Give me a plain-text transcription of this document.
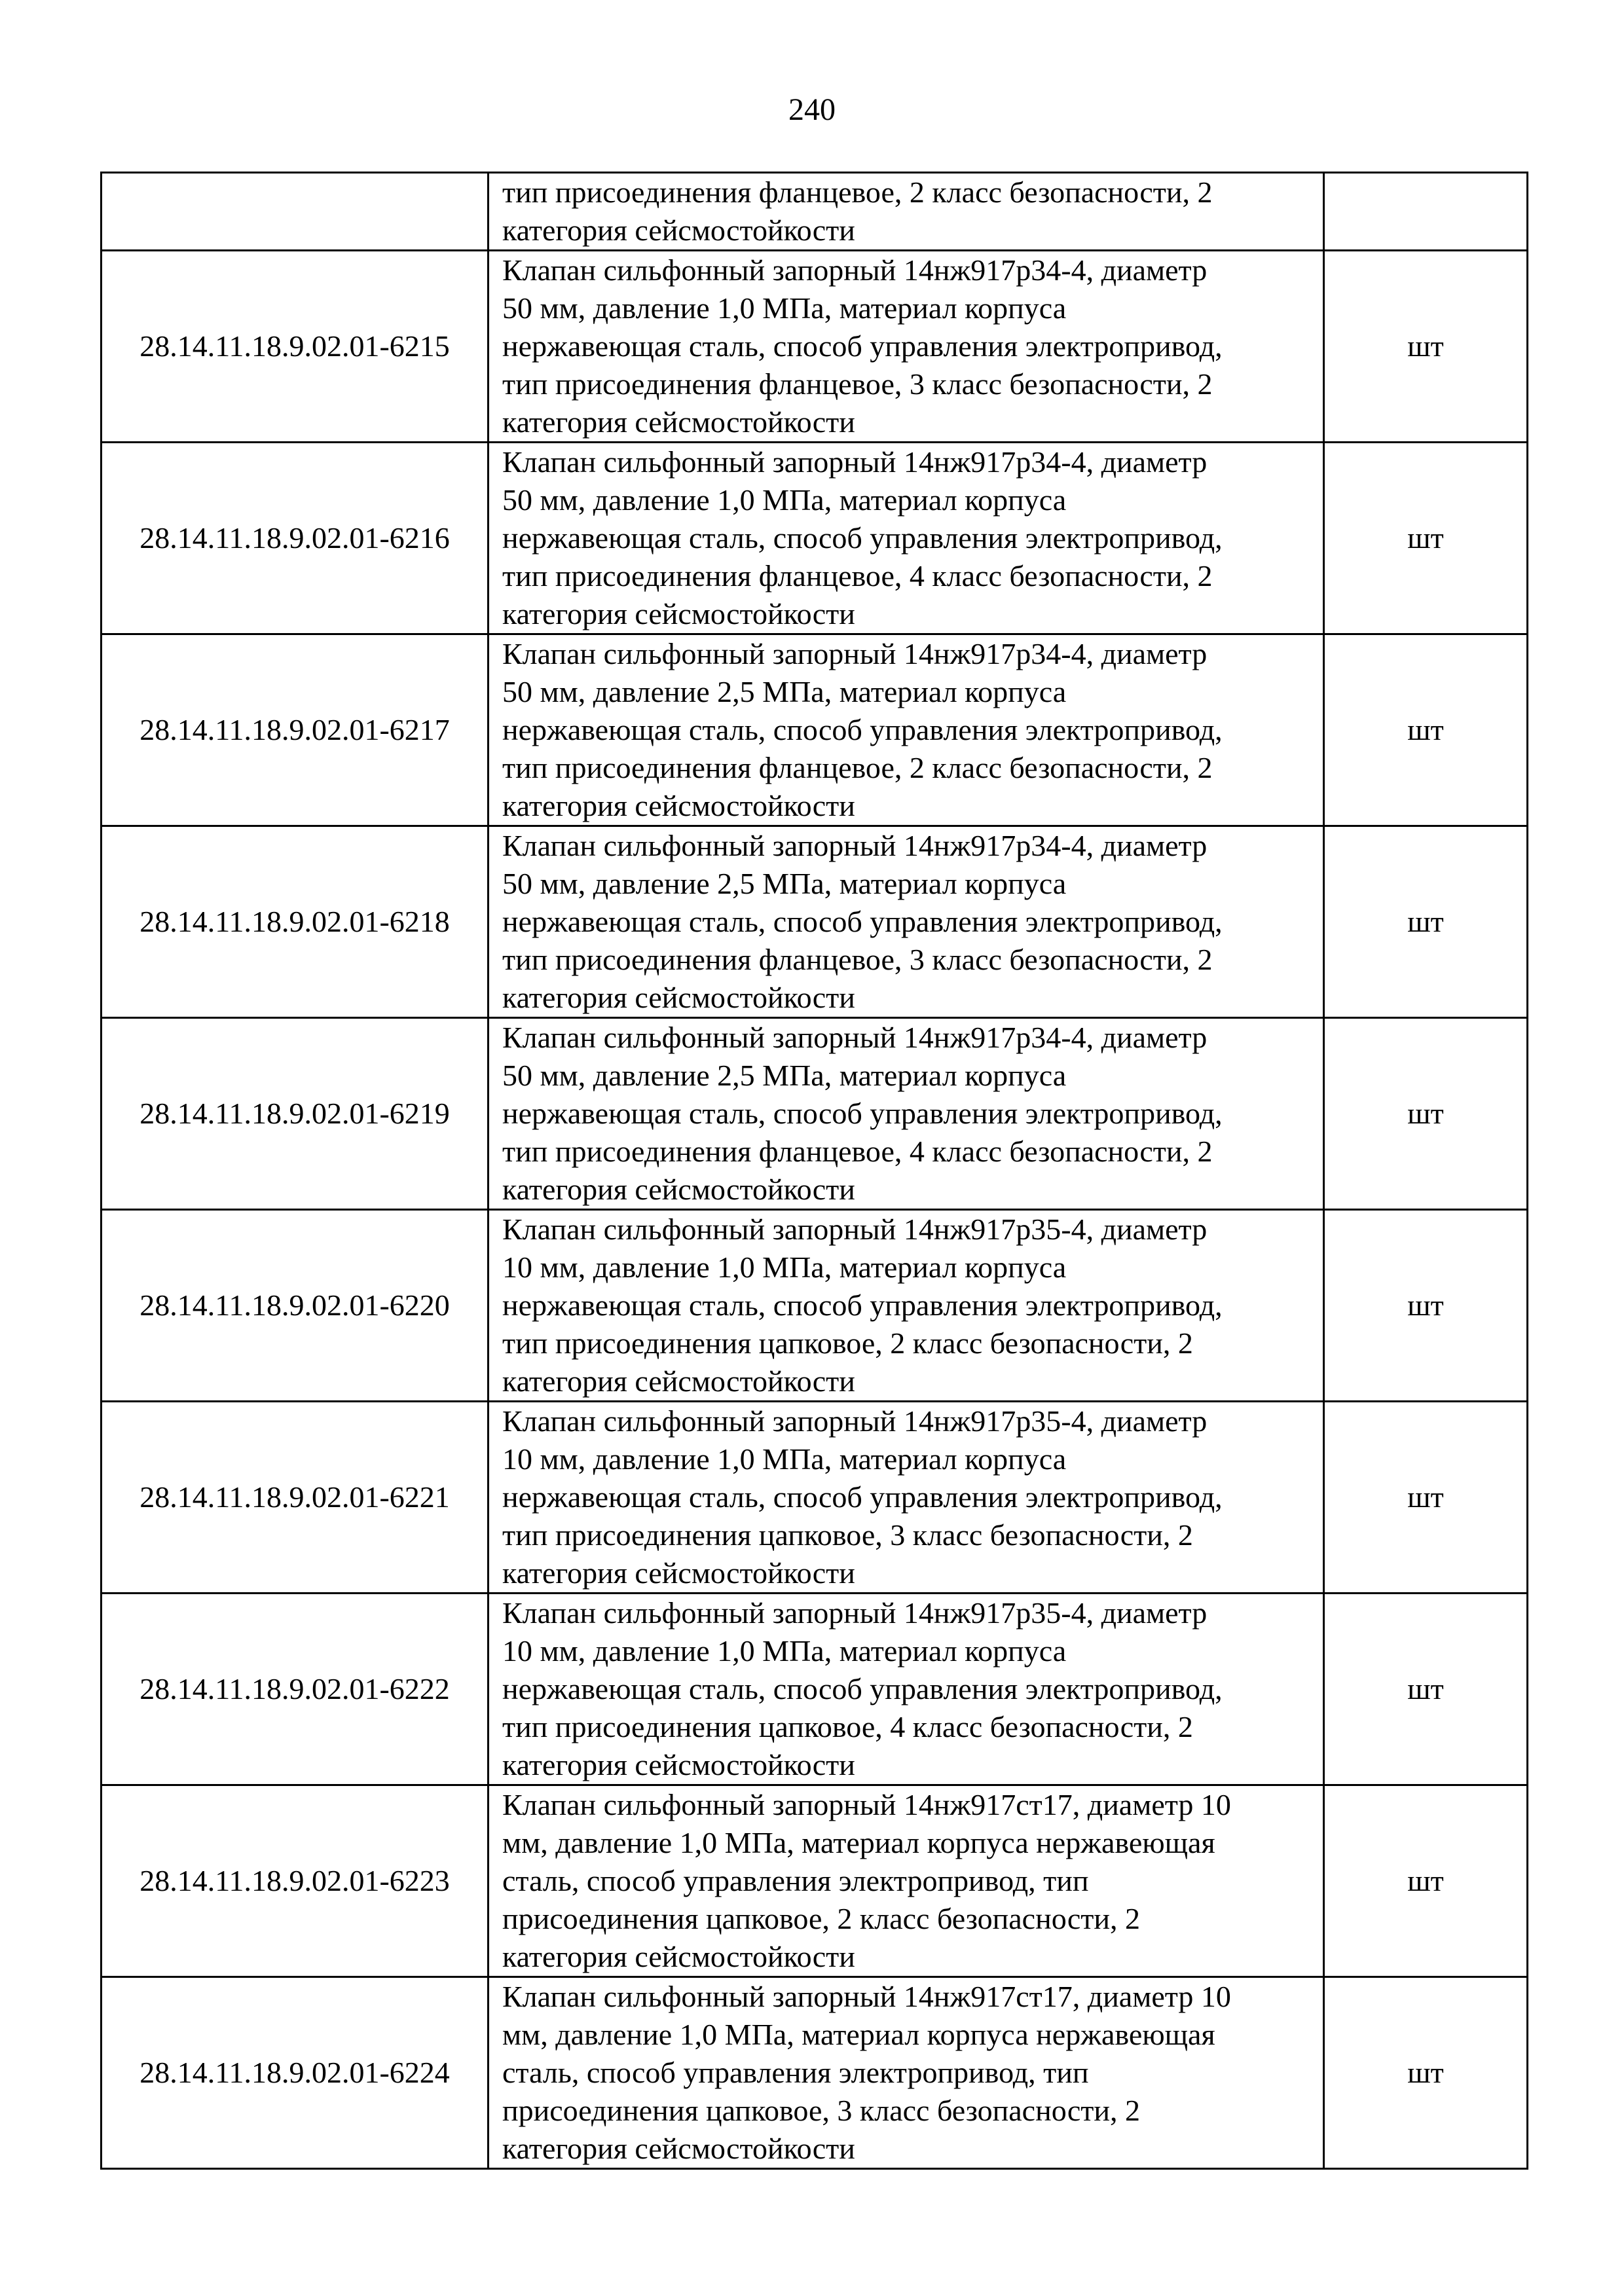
240

	тип присоединения фланцевое, 2 класс безопасности, 2
категория сейсмостойкости	

28.14.11.18.9.02.01-6215	Клапан сильфонный запорный 14нж917р34-4, диаметр
50 мм, давление 1,0 МПа, материал корпуса
нержавеющая сталь, способ управления электропривод,
тип присоединения фланцевое, 3 класс безопасности, 2
категория сейсмостойкости	шт
28.14.11.18.9.02.01-6216	Клапан сильфонный запорный 14нж917р34-4, диаметр
50 мм, давление 1,0 МПа, материал корпуса
нержавеющая сталь, способ управления электропривод,
тип присоединения фланцевое, 4 класс безопасности, 2
категория сейсмостойкости	шт
28.14.11.18.9.02.01-6217	Клапан сильфонный запорный 14нж917р34-4, диаметр
50 мм, давление 2,5 МПа, материал корпуса
нержавеющая сталь, способ управления электропривод,
тип присоединения фланцевое, 2 класс безопасности, 2
категория сейсмостойкости	шт
28.14.11.18.9.02.01-6218	Клапан сильфонный запорный 14нж917р34-4, диаметр
50 мм, давление 2,5 МПа, материал корпуса
нержавеющая сталь, способ управления электропривод,
тип присоединения фланцевое, 3 класс безопасности, 2
категория сейсмостойкости	шт
28.14.11.18.9.02.01-6219	Клапан сильфонный запорный 14нж917р34-4, диаметр
50 мм, давление 2,5 МПа, материал корпуса
нержавеющая сталь, способ управления электропривод,
тип присоединения фланцевое, 4 класс безопасности, 2
категория сейсмостойкости	шт
28.14.11.18.9.02.01-6220	Клапан сильфонный запорный 14нж917р35-4, диаметр
10 мм, давление 1,0 МПа, материал корпуса
нержавеющая сталь, способ управления электропривод,
тип присоединения цапковое, 2 класс безопасности, 2
категория сейсмостойкости	шт
28.14.11.18.9.02.01-6221	Клапан сильфонный запорный 14нж917р35-4, диаметр
10 мм, давление 1,0 МПа, материал корпуса
нержавеющая сталь, способ управления электропривод,
тип присоединения цапковое, 3 класс безопасности, 2
категория сейсмостойкости	шт
28.14.11.18.9.02.01-6222	Клапан сильфонный запорный 14нж917р35-4, диаметр
10 мм, давление 1,0 МПа, материал корпуса
нержавеющая сталь, способ управления электропривод,
тип присоединения цапковое, 4 класс безопасности, 2
категория сейсмостойкости	шт
28.14.11.18.9.02.01-6223	Клапан сильфонный запорный 14нж917ст17, диаметр 10
мм, давление 1,0 МПа, материал корпуса нержавеющая
сталь, способ управления электропривод, тип
присоединения цапковое, 2 класс безопасности, 2
категория сейсмостойкости	шт
28.14.11.18.9.02.01-6224	Клапан сильфонный запорный 14нж917ст17, диаметр 10
мм, давление 1,0 МПа, материал корпуса нержавеющая
сталь, способ управления электропривод, тип
присоединения цапковое, 3 класс безопасности, 2
категория сейсмостойкости	шт
